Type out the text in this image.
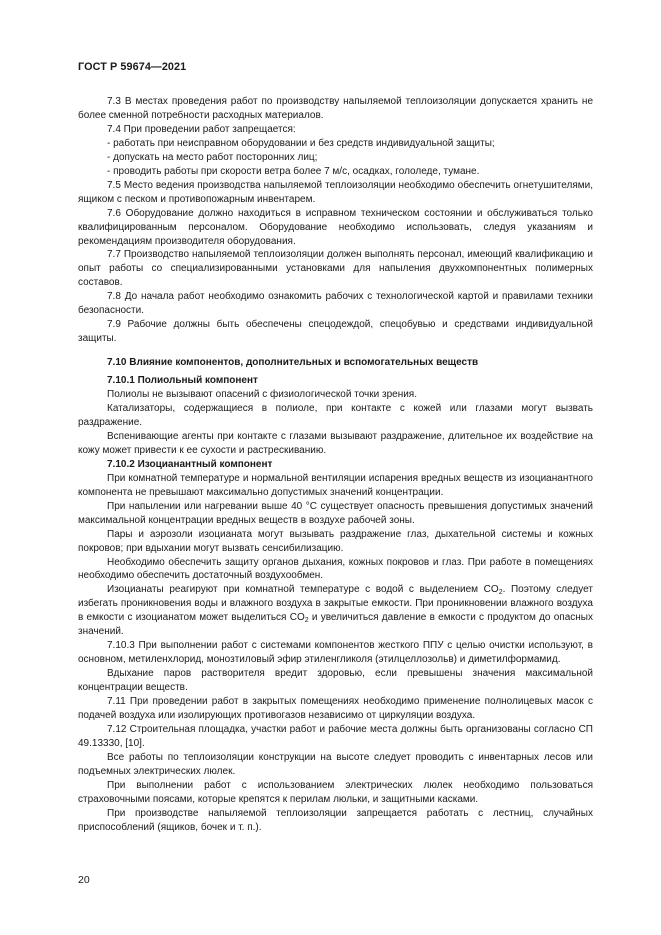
ГОСТ Р 59674—2021

7.3 В местах проведения работ по производству напыляемой теплоизоляции допускается хранить не более сменной потребности расходных материалов.

7.4 При проведении работ запрещается:

- работать при неисправном оборудовании и без средств индивидуальной защиты;

- допускать на место работ посторонних лиц;

- проводить работы при скорости ветра более 7 м/с, осадках, гололеде, тумане.

7.5 Место ведения производства напыляемой теплоизоляции необходимо обеспечить огнетушителями, ящиком с песком и противопожарным инвентарем.

7.6 Оборудование должно находиться в исправном техническом состоянии и обслуживаться только квалифицированным персоналом. Оборудование необходимо использовать, следуя указаниям и рекомендациям производителя оборудования.

7.7 Производство напыляемой теплоизоляции должен выполнять персонал, имеющий квалификацию и опыт работы со специализированными установками для напыления двухкомпонентных полимерных составов.

7.8 До начала работ необходимо ознакомить рабочих с технологической картой и правилами техники безопасности.

7.9 Рабочие должны быть обеспечены спецодеждой, спецобувью и средствами индивидуальной защиты.

7.10 Влияние компонентов, дополнительных и вспомогательных веществ

7.10.1 Полиольный компонент

Полиолы не вызывают опасений с физиологической точки зрения.

Катализаторы, содержащиеся в полиоле, при контакте с кожей или глазами могут вызвать раздражение.

Вспенивающие агенты при контакте с глазами вызывают раздражение, длительное их воздействие на кожу может привести к ее сухости и растрескиванию.

7.10.2 Изоцианантный компонент

При комнатной температуре и нормальной вентиляции испарения вредных веществ из изоцианантного компонента не превышают максимально допустимых значений концентрации.

При напылении или нагревании выше 40 °С существует опасность превышения допустимых значений максимальной концентрации вредных веществ в воздухе рабочей зоны.

Пары и аэрозоли изоцианата могут вызывать раздражение глаз, дыхательной системы и кожных покровов; при вдыхании могут вызвать сенсибилизацию.

Необходимо обеспечить защиту органов дыхания, кожных покровов и глаз. При работе в помещениях необходимо обеспечить достаточный воздухообмен.

Изоцианаты реагируют при комнатной температуре с водой с выделением $CO_2$. Поэтому следует избегать проникновения воды и влажного воздуха в закрытые емкости. При проникновении влажного воздуха в емкости с изоцианатом может выделиться $CO_2$ и увеличиться давление в емкости с продуктом до опасных значений.

7.10.3 При выполнении работ с системами компонентов жесткого ППУ с целью очистки используют, в основном, метиленхлорид, монозтиловый эфир этиленгликоля (этилцеллозольв) и диметилформамид.

Вдыхание паров растворителя вредит здоровью, если превышены значения максимальной концентрации веществ.

7.11 При проведении работ в закрытых помещениях необходимо применение полнолицевых масок с подачей воздуха или изолирующих противогазов независимо от циркуляции воздуха.

7.12 Строительная площадка, участки работ и рабочие места должны быть организованы согласно СП 49.13330, [10].

Все работы по теплоизоляции конструкции на высоте следует проводить с инвентарных лесов или подъемных электрических люлек.

При выполнении работ с использованием электрических люлек необходимо пользоваться страховочными поясами, которые крепятся к перилам люльки, и защитными касками.

При производстве напыляемой теплоизоляции запрещается работать с лестниц, случайных приспособлений (ящиков, бочек и т. п.).

20
